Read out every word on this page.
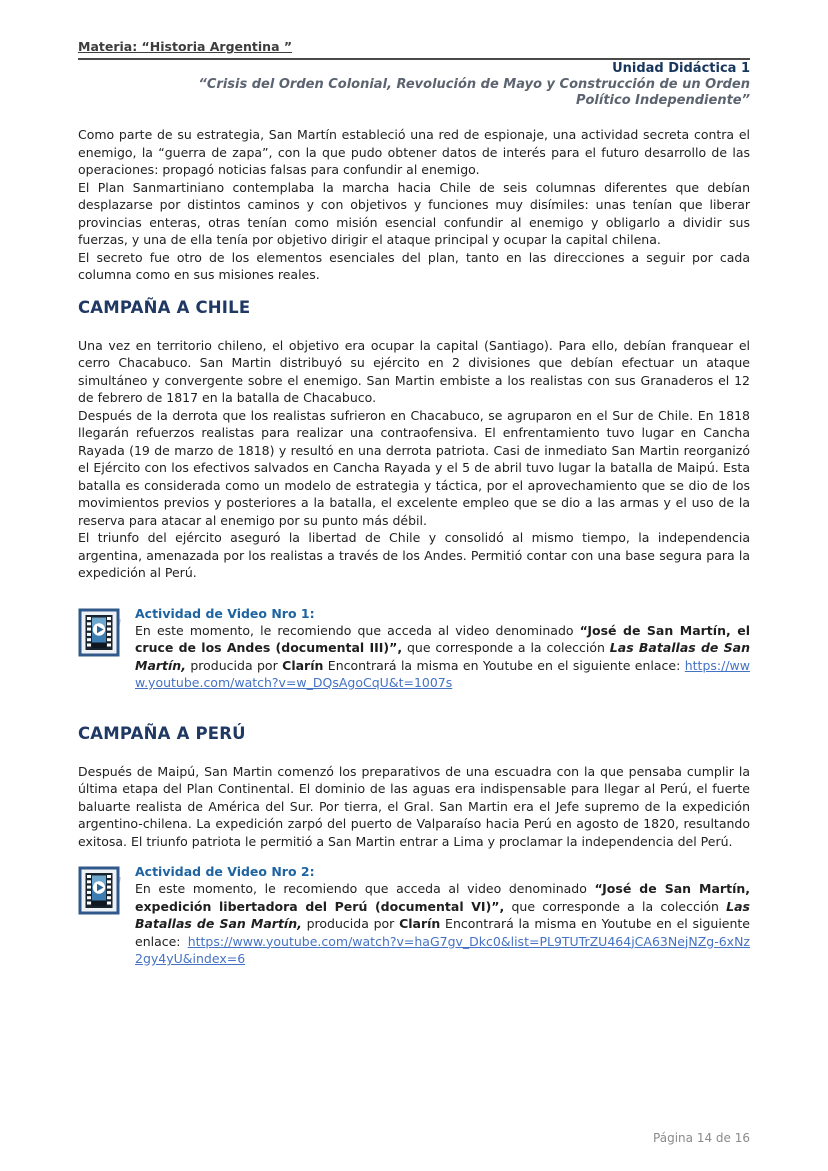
Materia: “Historia Argentina ”
Unidad Didáctica 1
“Crisis del Orden Colonial, Revolución de Mayo y Construcción de un Orden Político Independiente”

Como parte de su estrategia, San Martín estableció una red de espionaje, una actividad secreta contra el enemigo, la “guerra de zapa”, con la que pudo obtener datos de interés para el futuro desarrollo de las operaciones: propagó noticias falsas para confundir al enemigo.

El Plan Sanmartiniano contemplaba la marcha hacia Chile de seis columnas diferentes que debían desplazarse por distintos caminos y con objetivos y funciones muy disímiles: unas tenían que liberar provincias enteras, otras tenían como misión esencial confundir al enemigo y obligarlo a dividir sus fuerzas, y una de ella tenía por objetivo dirigir el ataque principal y ocupar la capital chilena.

El secreto fue otro de los elementos esenciales del plan, tanto en las direcciones a seguir por cada columna como en sus misiones reales.

CAMPAÑA A CHILE

Una vez en territorio chileno, el objetivo era ocupar la capital (Santiago). Para ello, debían franquear el cerro Chacabuco. San Martin distribuyó su ejército en 2 divisiones que debían efectuar un ataque simultáneo y convergente sobre el enemigo. San Martin embiste a los realistas con sus Granaderos el 12 de febrero de 1817 en la batalla de Chacabuco.

Después de la derrota que los realistas sufrieron en Chacabuco, se agruparon en el Sur de Chile. En 1818 llegarán refuerzos realistas para realizar una contraofensiva. El enfrentamiento tuvo lugar en Cancha Rayada (19 de marzo de 1818) y resultó en una derrota patriota. Casi de inmediato San Martin reorganizó el Ejército con los efectivos salvados en Cancha Rayada y el 5 de abril tuvo lugar la batalla de Maipú. Esta batalla es considerada como un modelo de estrategia y táctica, por el aprovechamiento que se dio de los movimientos previos y posteriores a la batalla, el excelente empleo que se dio a las armas y el uso de la reserva para atacar al enemigo por su punto más débil.

El triunfo del ejército aseguró la libertad de Chile y consolidó al mismo tiempo, la independencia argentina, amenazada por los realistas a través de los Andes. Permitió contar con una base segura para la expedición al Perú.

Actividad de Video Nro 1:

En este momento, le recomiendo que acceda al video denominado “José de San Martín, el cruce de los Andes (documental III)”, que corresponde a la colección Las Batallas de San Martín, producida por Clarín Encontrará la misma en Youtube en el siguiente enlace: https://www.youtube.com/watch?v=w_DQsAgoCqU&t=1007s

CAMPAÑA A PERÚ

Después de Maipú, San Martin comenzó los preparativos de una escuadra con la que pensaba cumplir la última etapa del Plan Continental. El dominio de las aguas era indispensable para llegar al Perú, el fuerte baluarte realista de América del Sur. Por tierra, el Gral. San Martin era el Jefe supremo de la expedición argentino-chilena. La expedición zarpó del puerto de Valparaíso hacia Perú en agosto de 1820, resultando exitosa. El triunfo patriota le permitió a San Martin entrar a Lima y proclamar la independencia del Perú.

Actividad de Video Nro 2:

En este momento, le recomiendo que acceda al video denominado “José de San Martín, expedición libertadora del Perú (documental VI)”, que corresponde a la colección Las Batallas de San Martín, producida por Clarín Encontrará la misma en Youtube en el siguiente enlace: https://www.youtube.com/watch?v=haG7gv_Dkc0&list=PL9TUTrZU464jCA63NejNZg-6xNz2gy4yU&index=6

Página 14 de 16
